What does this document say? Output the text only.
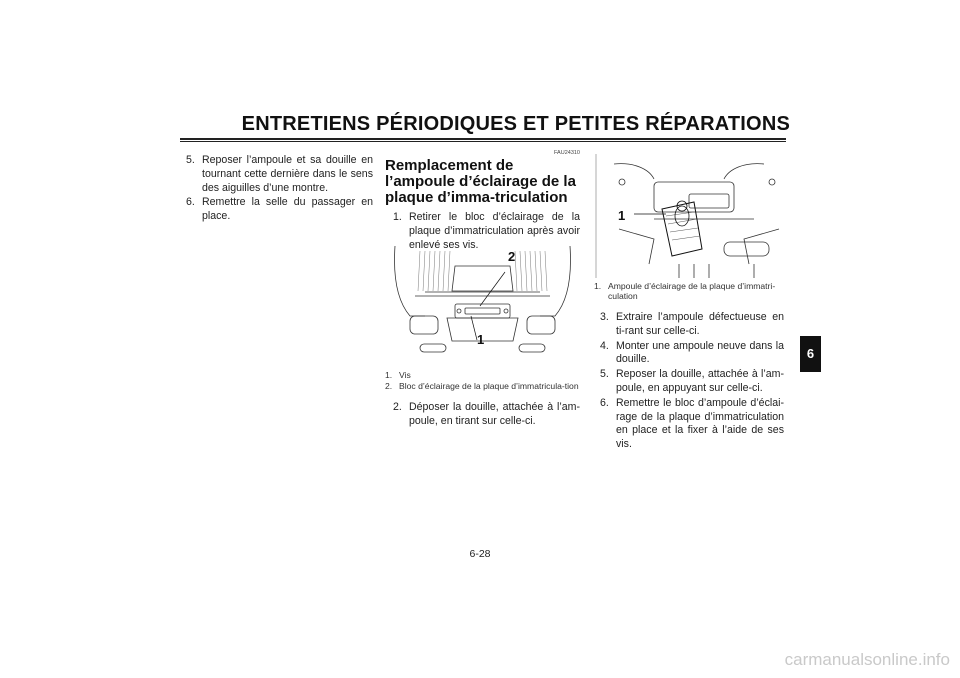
ENTRETIENS PÉRIODIQUES ET PETITES RÉPARATIONS
6
5. Reposer l’ampoule et sa douille en tournant cette dernière dans le sens des aiguilles d’une montre.
6. Remettre la selle du passager en place.
FAU24310
Remplacement de l’ampoule d’éclairage de la plaque d’imma-triculation
1. Retirer le bloc d’éclairage de la plaque d’immatriculation après avoir enlevé ses vis.
2
1
1. Vis
2. Bloc d’éclairage de la plaque d’immatricula-tion
2. Déposer la douille, attachée à l’am-poule, en tirant sur celle-ci.
1
1. Ampoule d’éclairage de la plaque d’immatri-culation
3. Extraire l’ampoule défectueuse en ti-rant sur celle-ci.
4. Monter une ampoule neuve dans la douille.
5. Reposer la douille, attachée à l’am-poule, en appuyant sur celle-ci.
6. Remettre le bloc d’ampoule d’éclai-rage de la plaque d’immatriculation en place et la fixer à l’aide de ses vis.
6-28
carmanualsonline.info
